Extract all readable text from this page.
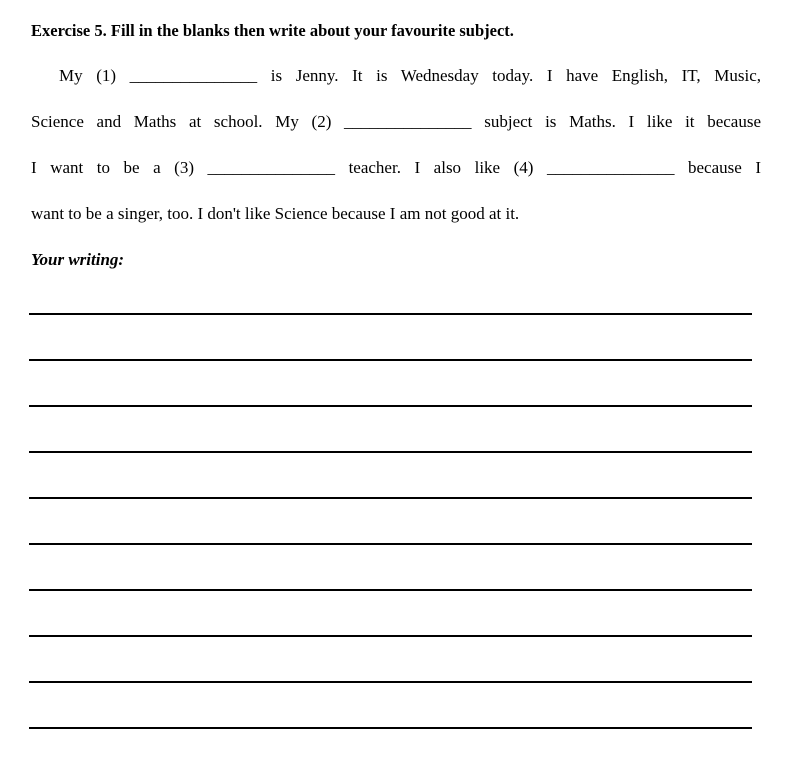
Exercise 5. Fill in the blanks then write about your favourite subject.
My (1) _______________ is Jenny. It is Wednesday today. I have English, IT, Music,
Science and Maths at school. My (2) _______________ subject is Maths. I like it because
I want to be a (3) _______________ teacher. I also like (4) _______________ because I
want to be a singer, too. I don't like Science because I am not good at it.
Your writing:
